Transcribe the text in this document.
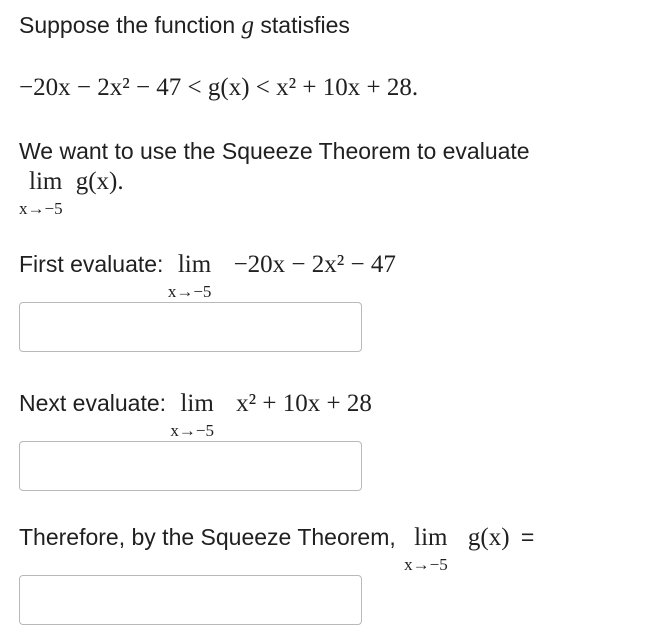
Suppose the function g statisfies
−20x − 2x² − 47 < g(x) < x² + 10x + 28.
We want to use the Squeeze Theorem to evaluate
lim
x→−5
g(x).
First evaluate: lim
x→−5
−20x − 2x² − 47
Next evaluate: lim
x→−5
x² + 10x + 28
Therefore, by the Squeeze Theorem, lim
x→−5
g(x) =
